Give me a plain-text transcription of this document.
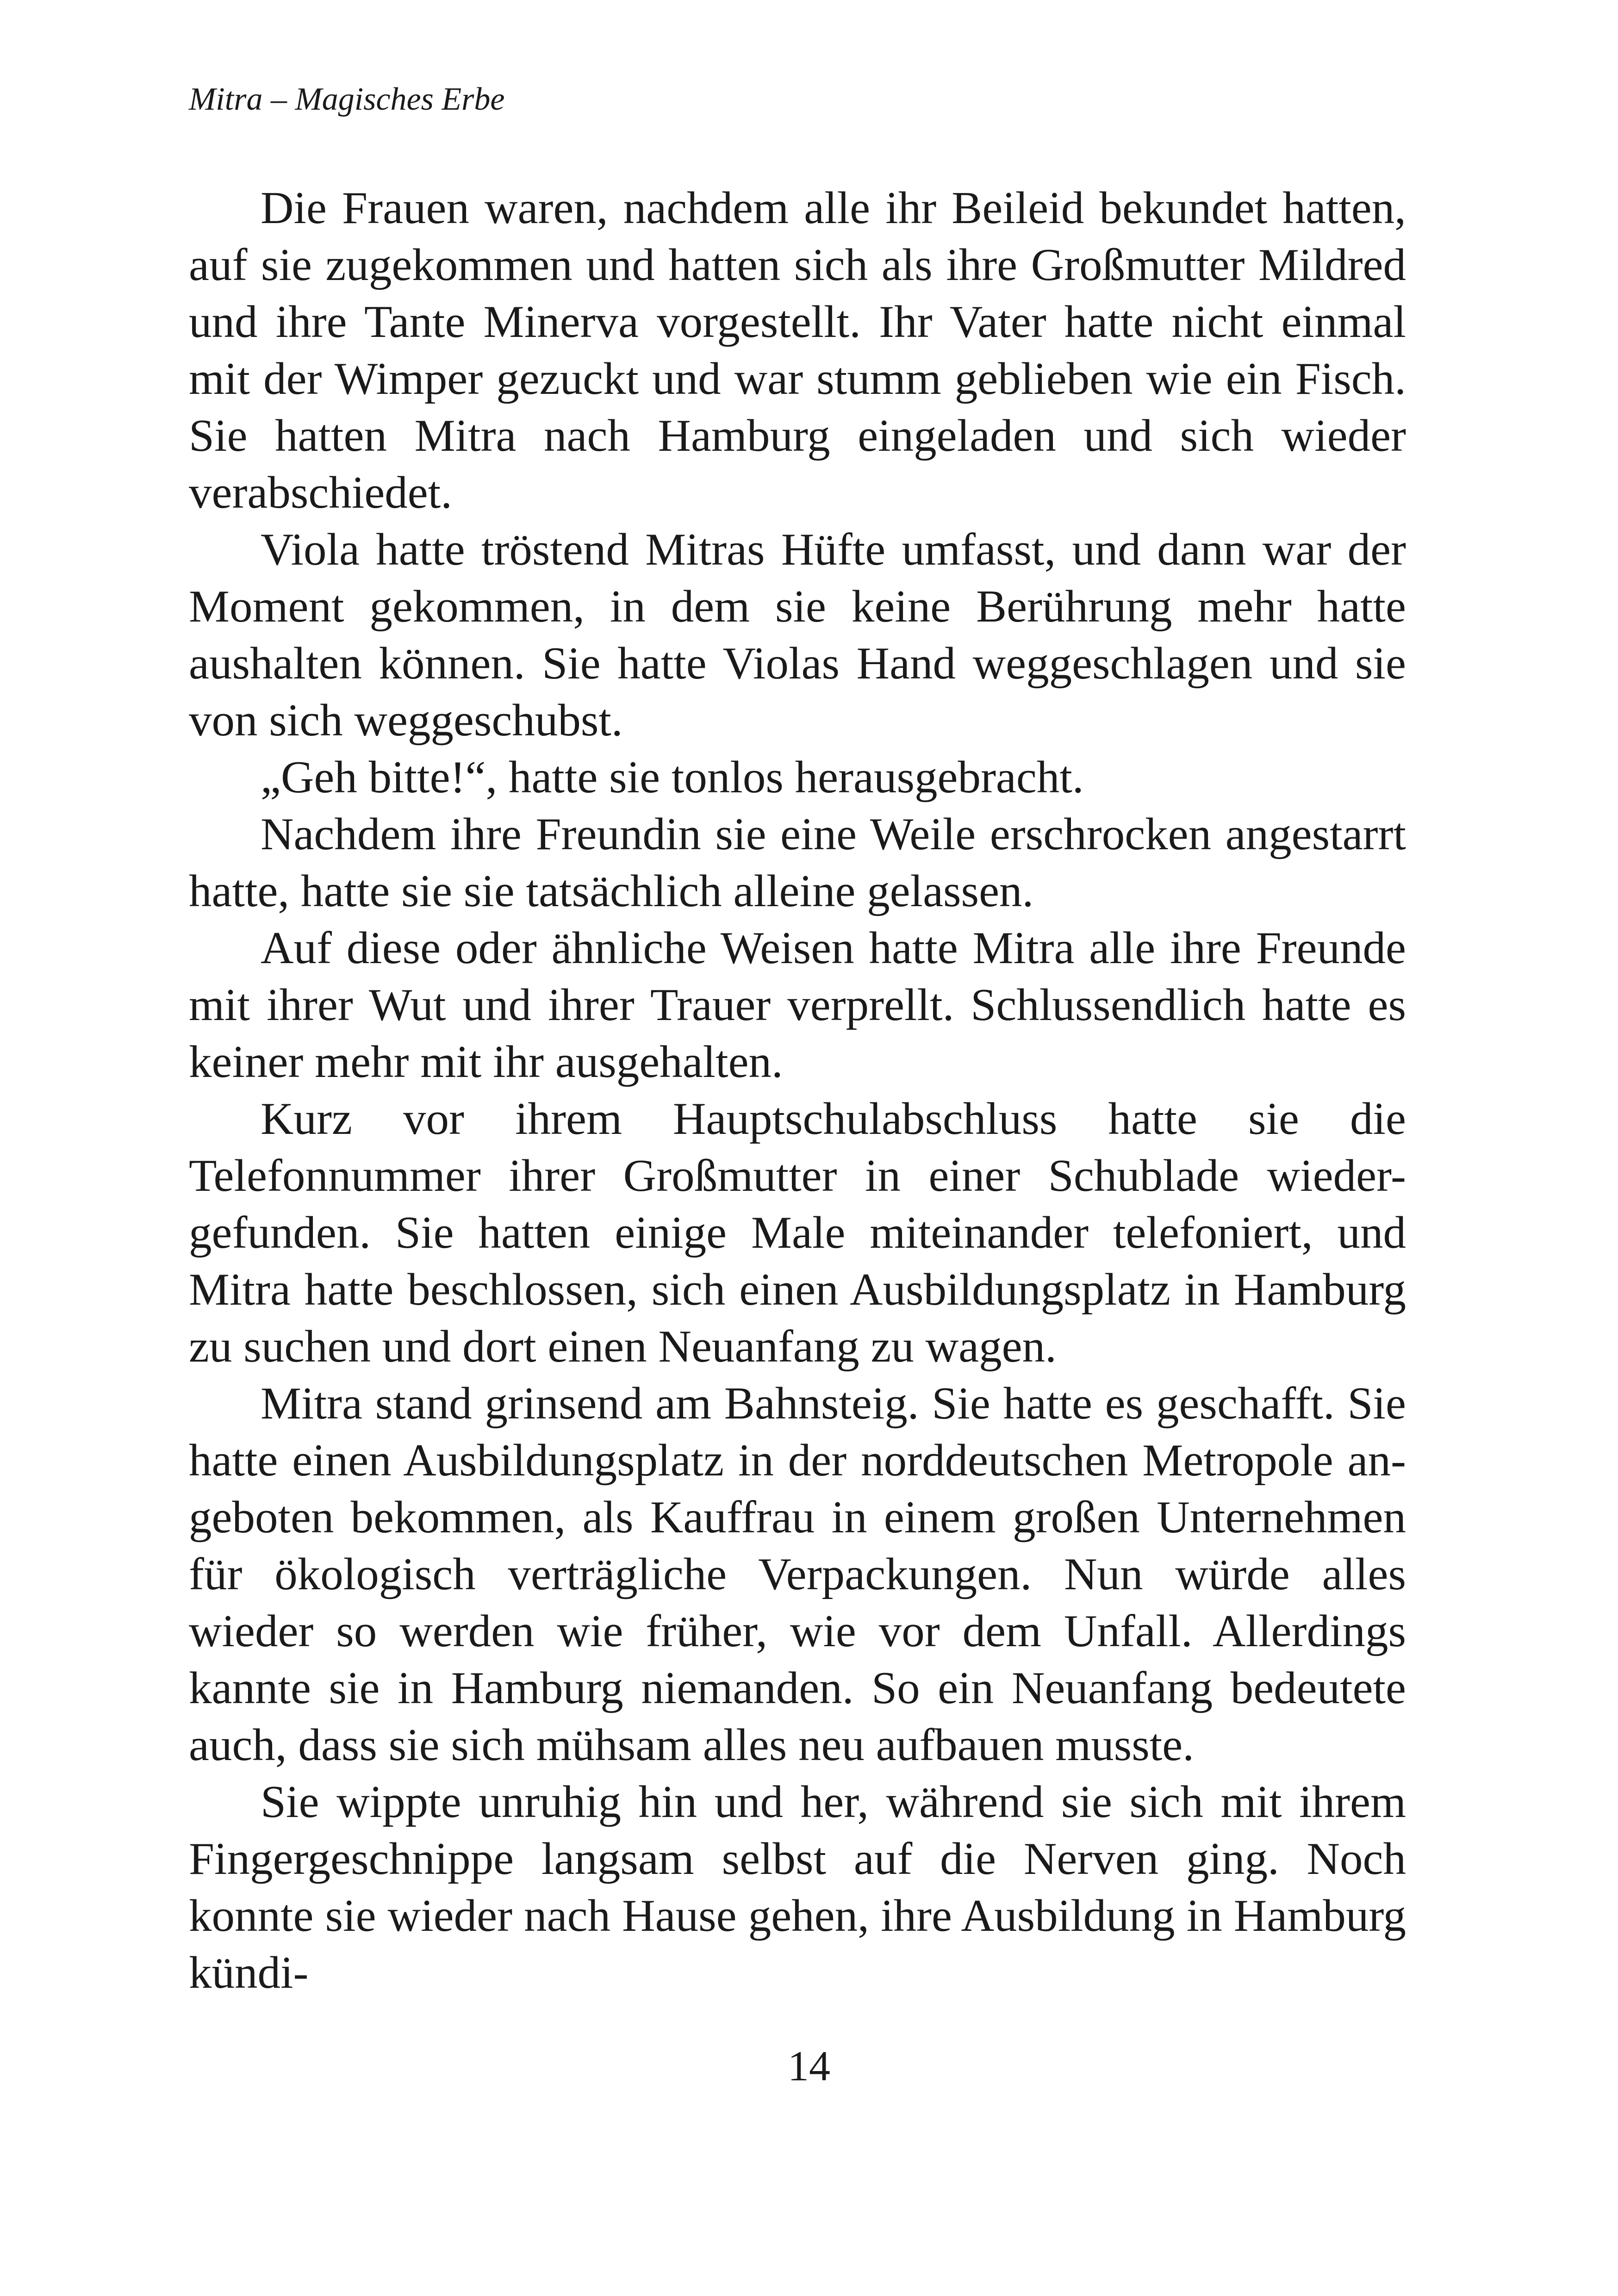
Mitra – Magisches Erbe

Die Frauen waren, nachdem alle ihr Beileid bekundet hatten, auf sie zugekommen und hatten sich als ihre Großmutter Mildred und ihre Tante Minerva vorgestellt. Ihr Vater hatte nicht einmal mit der Wimper gezuckt und war stumm geblieben wie ein Fisch. Sie hatten Mitra nach Hamburg eingeladen und sich wieder verabschiedet.

Viola hatte tröstend Mitras Hüfte umfasst, und dann war der Moment gekommen, in dem sie keine Berührung mehr hatte aushalten können. Sie hatte Violas Hand weggeschlagen und sie von sich weggeschubst.

„Geh bitte!“, hatte sie tonlos herausgebracht.

Nachdem ihre Freundin sie eine Weile erschrocken angestarrt hatte, hatte sie sie tatsächlich alleine gelassen.

Auf diese oder ähnliche Weisen hatte Mitra alle ihre Freunde mit ihrer Wut und ihrer Trauer verprellt. Schlussendlich hatte es keiner mehr mit ihr ausgehalten.

Kurz vor ihrem Hauptschulabschluss hatte sie die Telefonnummer ihrer Großmutter in einer Schublade wieder- gefunden. Sie hatten einige Male miteinander telefoniert, und Mitra hatte beschlossen, sich einen Ausbildungsplatz in Hamburg zu suchen und dort einen Neuanfang zu wagen.

Mitra stand grinsend am Bahnsteig. Sie hatte es geschafft. Sie hatte einen Ausbildungsplatz in der norddeutschen Metropole angeboten bekommen, als Kauffrau in einem großen Unternehmen für ökologisch verträgliche Verpackungen. Nun würde alles wieder so werden wie früher, wie vor dem Unfall. Allerdings kannte sie in Hamburg niemanden. So ein Neuanfang bedeutete auch, dass sie sich mühsam alles neu aufbauen musste.

Sie wippte unruhig hin und her, während sie sich mit ihrem Fingergeschnippe langsam selbst auf die Nerven ging. Noch konnte sie wieder nach Hause gehen, ihre Ausbildung in Hamburg kündi-

14
